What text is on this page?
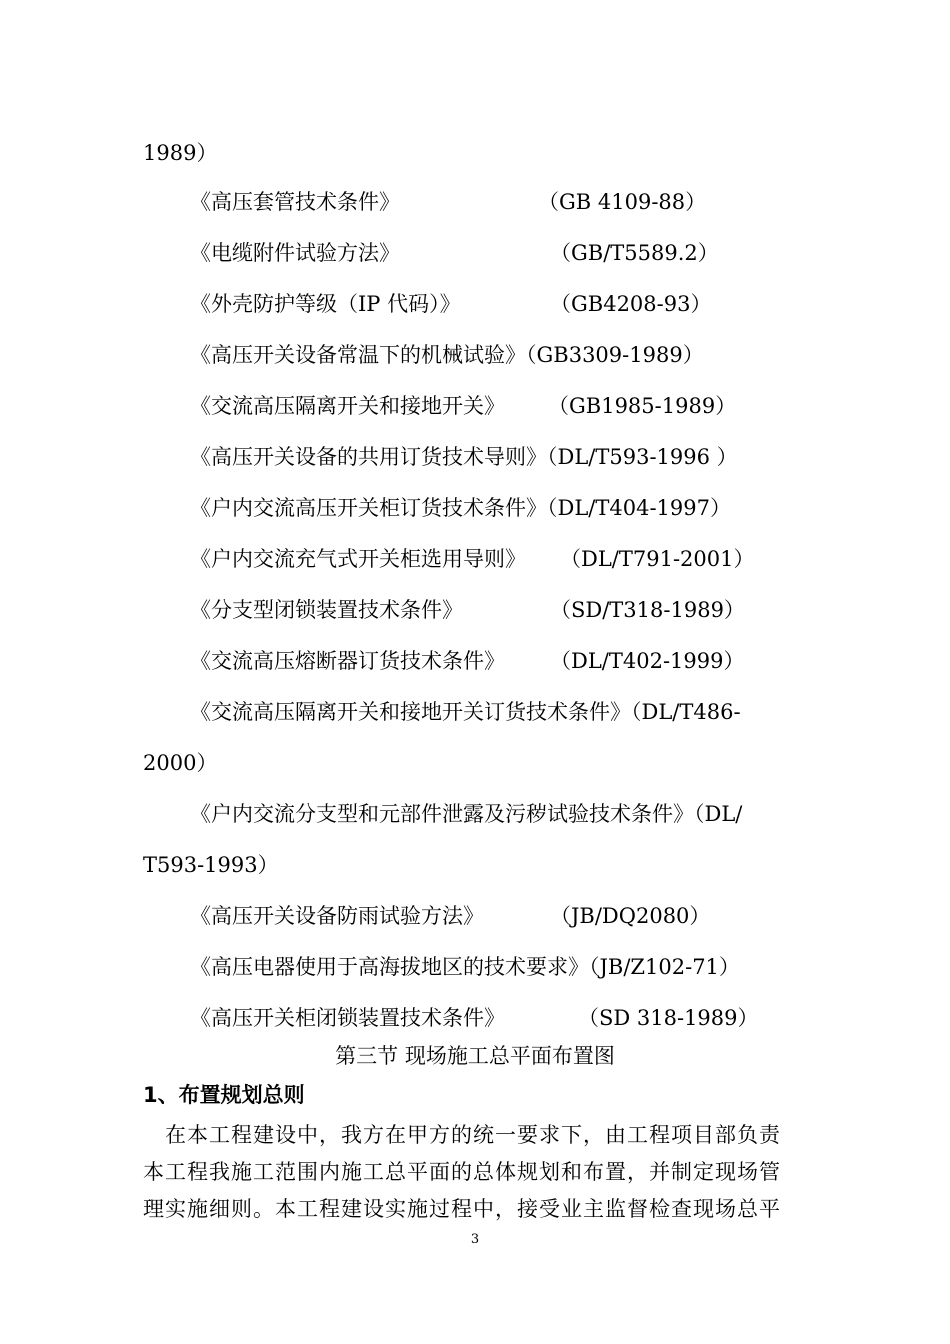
1989）
《高压套管技术条件》	（GB 4109-88）
《电缆附件试验方法》	（GB/T5589.2）
《外壳防护等级（IP 代码）》	（GB4208-93）
《高压开关设备常温下的机械试验》（GB3309-1989）
《交流高压隔离开关和接地开关》 （GB1985-1989）
《高压开关设备的共用订货技术导则》（DL/T593-1996 ）
《户内交流高压开关柜订货技术条件》（DL/T404-1997）
《户内交流充气式开关柜选用导则》 （DL/T791-2001）
《分支型闭锁装置技术条件》	（SD/T318-1989）
《交流高压熔断器订货技术条件》 （DL/T402-1999）
《交流高压隔离开关和接地开关订货技术条件》（DL/T486-
2000）
《户内交流分支型和元部件泄露及污秽试验技术条件》（DL/
T593-1993）
《高压开关设备防雨试验方法》	（JB/DQ2080）
《高压电器使用于高海拔地区的技术要求》（JB/Z102-71）
《高压开关柜闭锁装置技术条件》	（SD 318-1989）
第三节 现场施工总平面布置图
1、布置规划总则
　在本工程建设中，我方在甲方的统一要求下，由工程项目部负责
本工程我施工范围内施工总平面的总体规划和布置，并制定现场管
理实施细则。本工程建设实施过程中，接受业主监督检查现场总平
3
